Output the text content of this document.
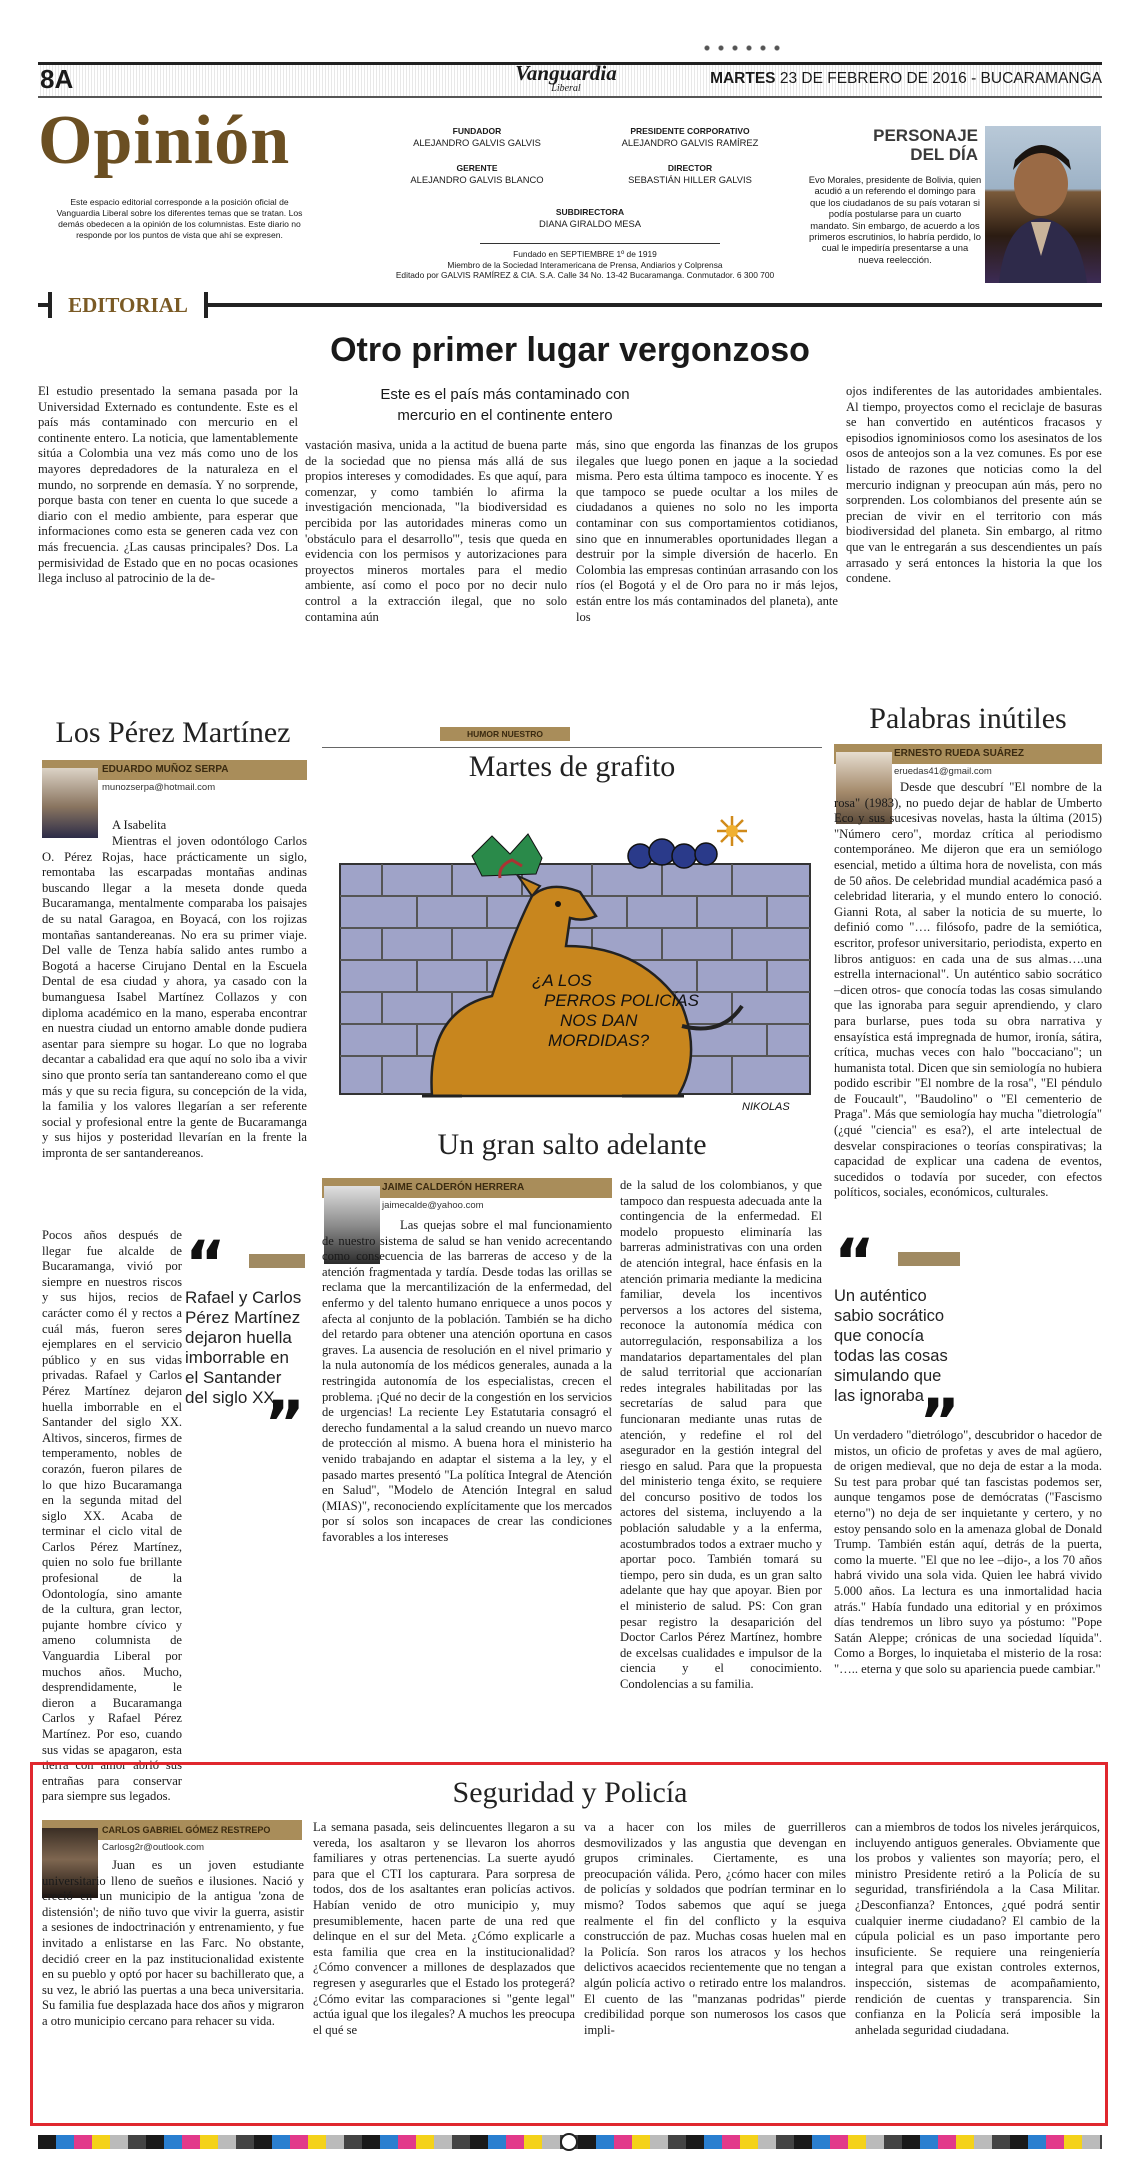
8A	Vanguardia
Liberal
MARTES 23 DE FEBRERO DE 2016 - BUCARAMANGA
Opinión
Este espacio editorial corresponde a la posición oficial de Vanguardia Liberal sobre los diferentes temas que se tratan. Los demás obedecen a la opinión de los columnistas. Este diario no responde por los puntos de vista que ahí se expresen.
FUNDADOR
ALEJANDRO GALVIS GALVIS
PRESIDENTE CORPORATIVO
ALEJANDRO GALVIS RAMÍREZ
GERENTE
ALEJANDRO GALVIS BLANCO
DIRECTOR
SEBASTIÁN HILLER GALVIS
SUBDIRECTORA
DIANA GIRALDO MESA
Fundado en SEPTIEMBRE 1º de 1919
Miembro de la Sociedad Interamericana de Prensa, Andiarios y Colprensa
Editado por GALVIS RAMÍREZ & CIA. S.A. Calle 34 No. 13-42 Bucaramanga. Conmutador. 6 300 700
PERSONAJE
DEL DÍA
Evo Morales, presidente de Bolivia, quien acudió a un referendo el domingo para que los ciudadanos de su país votaran si podía postularse para un cuarto mandato. Sin embargo, de acuerdo a los primeros escrutinios, lo habría perdido, lo cual le impediría presentarse a una nueva reelección.
EDITORIAL
Otro primer lugar vergonzoso
Este es el país más contaminado con mercurio en el continente entero
El estudio presentado la semana pasada por la Universidad Externado es contundente. Este es el país más contaminado con mercurio en el continente entero. La noticia, que lamentablemente sitúa a Colombia una vez más como uno de los mayores depredadores de la naturaleza en el mundo, no sorprende en demasía. Y no sorprende, porque basta con tener en cuenta lo que sucede a diario con el medio ambiente, para esperar que informaciones como esta se generen cada vez con más frecuencia. ¿Las causas principales? Dos. La permisividad de Estado que en no pocas ocasiones llega incluso al patrocinio de la de-
vastación masiva, unida a la actitud de buena parte de la sociedad que no piensa más allá de sus propios intereses y comodidades. Es que aquí, para comenzar, y como también lo afirma la investigación mencionada, "la biodiversidad es percibida por las autoridades mineras como un 'obstáculo para el desarrollo'", tesis que queda en evidencia con los permisos y autorizaciones para proyectos mineros mortales para el medio ambiente, así como el poco por no decir nulo control a la extracción ilegal, que no solo contamina aún
más, sino que engorda las finanzas de los grupos ilegales que luego ponen en jaque a la sociedad misma. Pero esta última tampoco es inocente. Y es que tampoco se puede ocultar a los miles de ciudadanos a quienes no solo no les importa contaminar con sus comportamientos cotidianos, sino que en innumerables oportunidades llegan a destruir por la simple diversión de hacerlo. En Colombia las empresas continúan arrasando con los ríos (el Bogotá y el de Oro para no ir más lejos, están entre los más contaminados del planeta), ante los
ojos indiferentes de las autoridades ambientales. Al tiempo, proyectos como el reciclaje de basuras se han convertido en auténticos fracasos y episodios ignominiosos como los asesinatos de los osos de anteojos son a la vez comunes. Es por ese listado de razones que noticias como la del mercurio indignan y preocupan aún más, pero no sorprenden. Los colombianos del presente aún se precian de vivir en el territorio con más biodiversidad del planeta. Sin embargo, al ritmo que van le entregarán a sus descendientes un país arrasado y será entonces la historia la que los condene.
Los Pérez Martínez
EDUARDO MUÑOZ SERPA
munozserpa@hotmail.com
A Isabelita
Mientras el joven odontólogo Carlos O. Pérez Rojas, hace prácticamente un siglo, remontaba las escarpadas montañas andinas buscando llegar a la meseta donde queda Bucaramanga, mentalmente comparaba los paisajes de su natal Garagoa, en Boyacá, con los rojizas montañas santandereanas. No era su primer viaje. Del valle de Tenza había salido antes rumbo a Bogotá a hacerse Cirujano Dental en la Escuela Dental de esa ciudad y ahora, ya casado con la bumanguesa Isabel Martínez Collazos y con diploma académico en la mano, esperaba encontrar en nuestra ciudad un entorno amable donde pudiera asentar para siempre su hogar. Lo que no lograba decantar a cabalidad era que aquí no solo iba a vivir sino que pronto sería tan santandereano como el que más y que su recia figura, su concepción de la vida, la familia y los valores llegarían a ser referente social y profesional entre la gente de Bucaramanga y sus hijos y posteridad llevarían en la frente la impronta de ser santandereanos.
“
Rafael y Carlos Pérez Martínez dejaron huella imborrable en el Santander del siglo XX
”
Pocos años después de llegar fue alcalde de Bucaramanga, vivió por siempre en nuestros riscos y sus hijos, recios de carácter como él y rectos a cuál más, fueron seres ejemplares en el servicio público y en sus vidas privadas. Rafael y Carlos Pérez Martínez dejaron huella imborrable en el Santander del siglo XX. Altivos, sinceros, firmes de temperamento, nobles de corazón, fueron pilares de lo que hizo Bucaramanga en la segunda mitad del siglo XX. Acaba de terminar el ciclo vital de Carlos Pérez Martínez, quien no solo fue brillante profesional de la Odontología, sino amante de la cultura, gran lector, pujante hombre cívico y ameno columnista de Vanguardia Liberal por muchos años. Mucho, desprendidamente, le dieron a Bucaramanga Carlos y Rafael Pérez Martínez. Por eso, cuando sus vidas se apagaron, esta tierra con amor abrió sus entrañas para conservar para siempre sus legados.
HUMOR NUESTRO
Martes de grafito
¿A LOS PERROS POLICÍAS NOS DAN MORDIDAS?
NIKOLAS
Un gran salto adelante
JAIME CALDERÓN HERRERA
jaimecalde@yahoo.com
Las quejas sobre el mal funcionamiento de nuestro sistema de salud se han venido acrecentando como consecuencia de las barreras de acceso y de la atención fragmentada y tardía. Desde todas las orillas se reclama que la mercantilización de la enfermedad, del enfermo y del talento humano enriquece a unos pocos y afecta al conjunto de la población. También se ha dicho del retardo para obtener una atención oportuna en casos graves. La ausencia de resolución en el nivel primario y la nula autonomía de los médicos generales, aunada a la restringida autonomía de los especialistas, crecen el problema. ¡Qué no decir de la congestión en los servicios de urgencias! La reciente Ley Estatutaria consagró el derecho fundamental a la salud creando un nuevo marco de protección al mismo. A buena hora el ministerio ha venido trabajando en adaptar el sistema a la ley, y el pasado martes presentó "La política Integral de Atención en Salud", "Modelo de Atención Integral en salud (MIAS)", reconociendo explícitamente que los mercados por sí solos son incapaces de crear las condiciones favorables a los intereses
de la salud de los colombianos, y que tampoco dan respuesta adecuada ante la contingencia de la enfermedad. El modelo propuesto eliminaría las barreras administrativas con una orden de atención integral, hace énfasis en la atención primaria mediante la medicina familiar, devela los incentivos perversos a los actores del sistema, reconoce la autonomía médica con autorregulación, responsabiliza a los mandatarios departamentales del plan de salud territorial que accionarían redes integrales habilitadas por las secretarías de salud para que funcionaran mediante unas rutas de atención, y redefine el rol del asegurador en la gestión integral del riesgo en salud. Para que la propuesta del ministerio tenga éxito, se requiere del concurso positivo de todos los actores del sistema, incluyendo a la población saludable y a la enferma, acostumbrados todos a extraer mucho y aportar poco. También tomará su tiempo, pero sin duda, es un gran salto adelante que hay que apoyar. Bien por el ministerio de salud. PS: Con gran pesar registro la desaparición del Doctor Carlos Pérez Martínez, hombre de excelsas cualidades e impulsor de la ciencia y el conocimiento. Condolencias a su familia.
Palabras inútiles
ERNESTO RUEDA SUÁREZ
eruedas41@gmail.com
Desde que descubrí "El nombre de la rosa" (1983), no puedo dejar de hablar de Umberto Eco y sus sucesivas novelas, hasta la última (2015) "Número cero", mordaz crítica al periodismo contemporáneo. Me dijeron que era un semiólogo esencial, metido a última hora de novelista, con más de 50 años. De celebridad mundial académica pasó a celebridad literaria, y el mundo entero lo conoció. Gianni Rota, al saber la noticia de su muerte, lo definió como "…. filósofo, padre de la semiótica, escritor, profesor universitario, periodista, experto en libros antiguos: en cada una de sus almas….una estrella internacional". Un auténtico sabio socrático –dicen otros- que conocía todas las cosas simulando que las ignoraba para seguir aprendiendo, y claro para burlarse, pues toda su obra narrativa y ensayística está impregnada de humor, ironía, sátira, crítica, muchas veces con halo "boccaciano"; un humanista total. Dicen que sin semiología no hubiera podido escribir "El nombre de la rosa", "El péndulo de Foucault", "Baudolino" o "El cementerio de Praga". Más que semiología hay mucha "dietrología" (¿qué "ciencia" es esa?), el arte intelectual de desvelar conspiraciones o teorías conspirativas; la capacidad de explicar una cadena de eventos, sucedidos o todavía por suceder, con efectos políticos, sociales, económicos, culturales.
“
Un auténtico sabio socrático que conocía todas las cosas simulando que las ignoraba
”
Un verdadero "dietrólogo", descubridor o hacedor de mistos, un oficio de profetas y aves de mal agüero, de origen medieval, que no deja de estar a la moda. Su test para probar qué tan fascistas podemos ser, aunque tengamos pose de demócratas ("Fascismo eterno") no deja de ser inquietante y certero, y no estoy pensando solo en la amenaza global de Donald Trump. También están aquí, detrás de la puerta, como la muerte. "El que no lee –dijo-, a los 70 años habrá vivido una sola vida. Quien lee habrá vivido 5.000 años. La lectura es una inmortalidad hacia atrás." Había fundado una editorial y en próximos días tendremos un libro suyo ya póstumo: "Pope Satán Aleppe; crónicas de una sociedad líquida". Como a Borges, lo inquietaba el misterio de la rosa: "….. eterna y que solo su apariencia puede cambiar."
Seguridad y Policía
CARLOS GABRIEL GÓMEZ RESTREPO
Carlosg2r@outlook.com
Juan es un joven estudiante universitario lleno de sueños e ilusiones. Nació y creció en un municipio de la antigua 'zona de distensión'; de niño tuvo que vivir la guerra, asistir a sesiones de indoctrinación y entrenamiento, y fue invitado a enlistarse en las Farc. No obstante, decidió creer en la paz institucionalidad existente en su pueblo y optó por hacer su bachillerato que, a su vez, le abrió las puertas a una beca universitaria. Su familia fue desplazada hace dos años y migraron a otro municipio cercano para rehacer su vida.
La semana pasada, seis delincuentes llegaron a su vereda, los asaltaron y se llevaron los ahorros familiares y otras pertenencias. La suerte ayudó para que el CTI los capturara. Para sorpresa de todos, dos de los asaltantes eran policías activos. Habían venido de otro municipio y, muy presumiblemente, hacen parte de una red que delinque en el sur del Meta. ¿Cómo explicarle a esta familia que crea en la institucionalidad? ¿Cómo convencer a millones de desplazados que regresen y asegurarles que el Estado los protegerá? ¿Cómo evitar las comparaciones si "gente legal" actúa igual que los ilegales? A muchos les preocupa el qué se
va a hacer con los miles de guerrilleros desmovilizados y las angustia que devengan en grupos criminales. Ciertamente, es una preocupación válida. Pero, ¿cómo hacer con miles de policías y soldados que podrían terminar en lo mismo? Todos sabemos que aquí se juega realmente el fin del conflicto y la esquiva construcción de paz. Muchas cosas huelen mal en la Policía. Son raros los atracos y los hechos delictivos acaecidos recientemente que no tengan a algún policía activo o retirado entre los malandros. El cuento de las "manzanas podridas" pierde credibilidad porque son numerosos los casos que impli-
can a miembros de todos los niveles jerárquicos, incluyendo antiguos generales. Obviamente que los probos y valientes son mayoría; pero, el ministro Presidente retiró a la Policía de su seguridad, transfiriéndola a la Casa Militar. ¿Desconfianza? Entonces, ¿qué podrá sentir cualquier inerme ciudadano? El cambio de la cúpula policial es un paso importante pero insuficiente. Se requiere una reingeniería integral para que existan controles externos, inspección, sistemas de acompañamiento, rendición de cuentas y transparencia. Sin confianza en la Policía será imposible la anhelada seguridad ciudadana.
